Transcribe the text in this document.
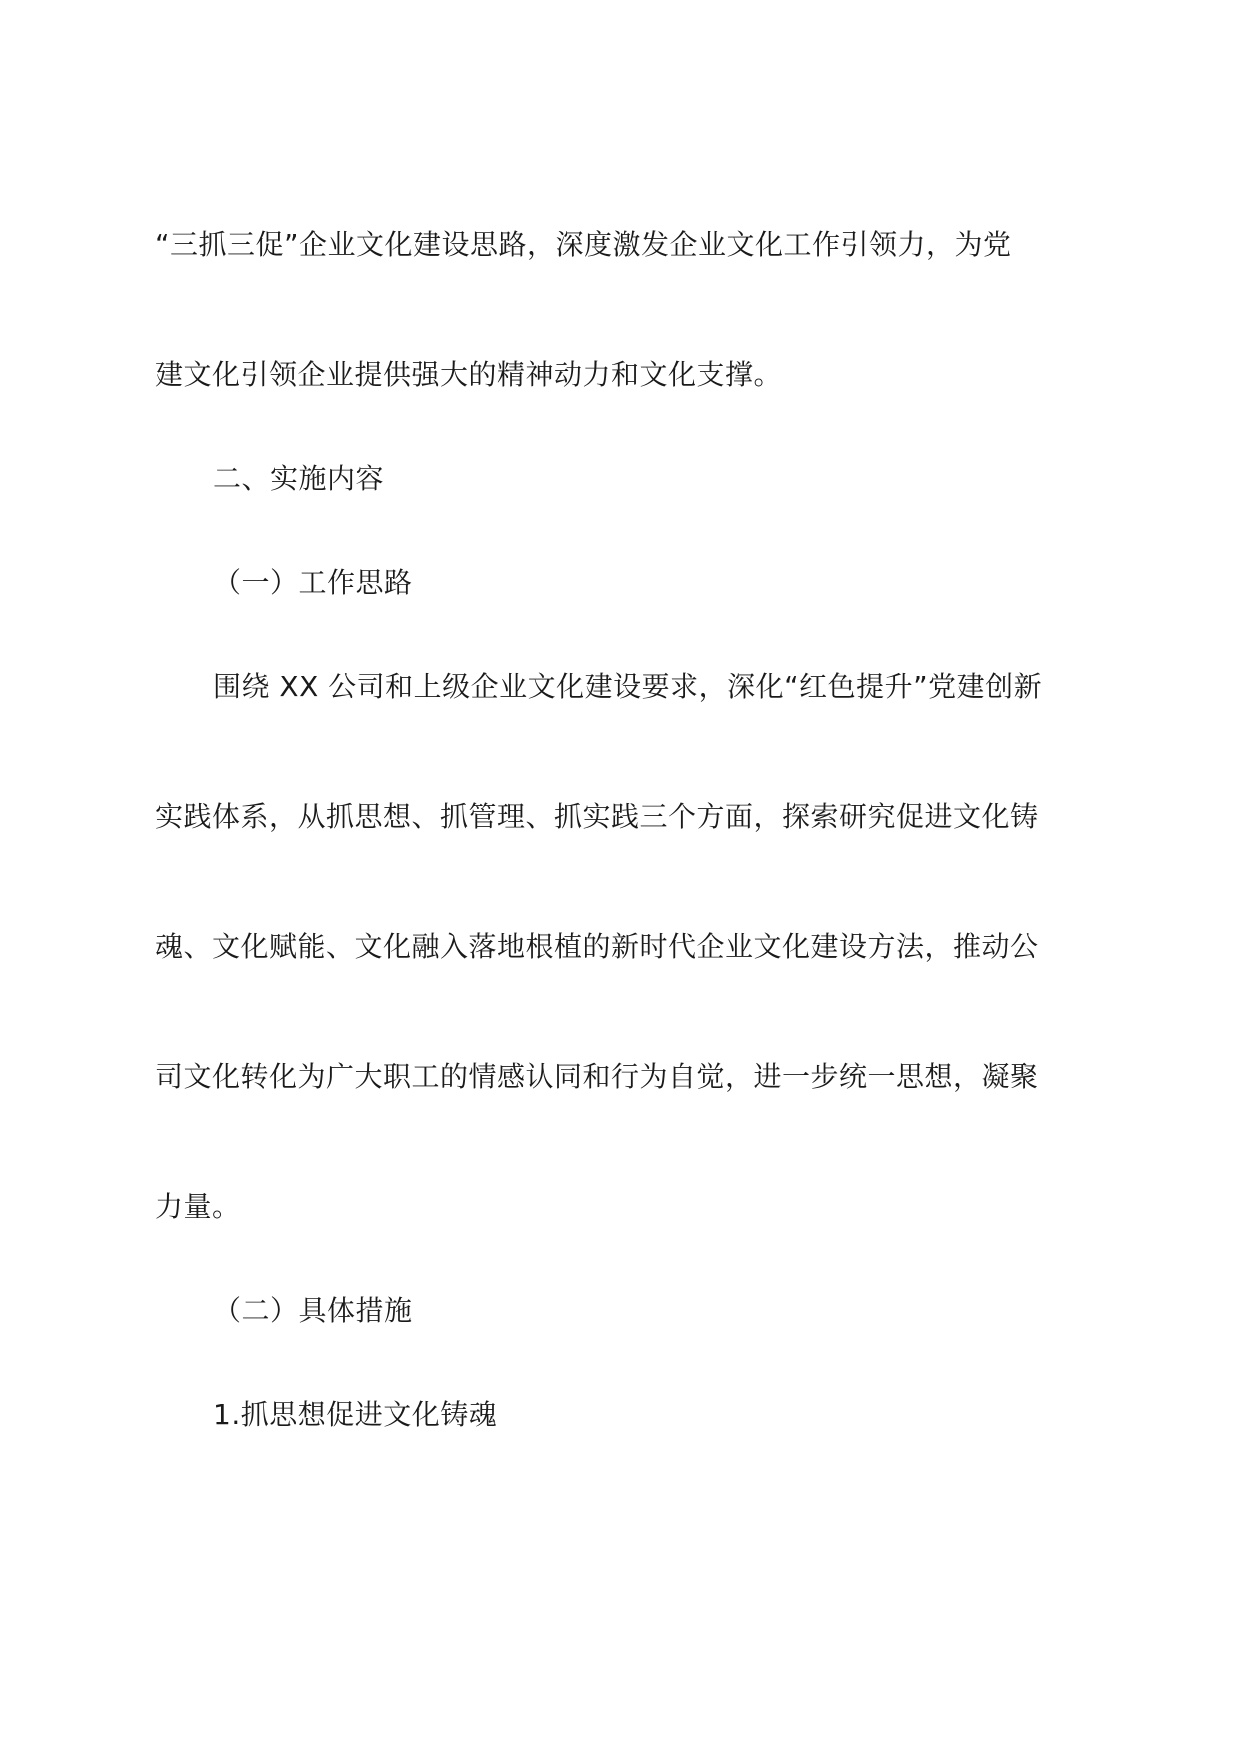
“三抓三促”企业文化建设思路，深度激发企业文化工作引领力，为党
建文化引领企业提供强大的精神动力和文化支撑。
二、实施内容
（一）工作思路
围绕 XX 公司和上级企业文化建设要求，深化“红色提升”党建创新
实践体系，从抓思想、抓管理、抓实践三个方面，探索研究促进文化铸
魂、文化赋能、文化融入落地根植的新时代企业文化建设方法，推动公
司文化转化为广大职工的情感认同和行为自觉，进一步统一思想，凝聚
力量。
（二）具体措施
1.抓思想促进文化铸魂
